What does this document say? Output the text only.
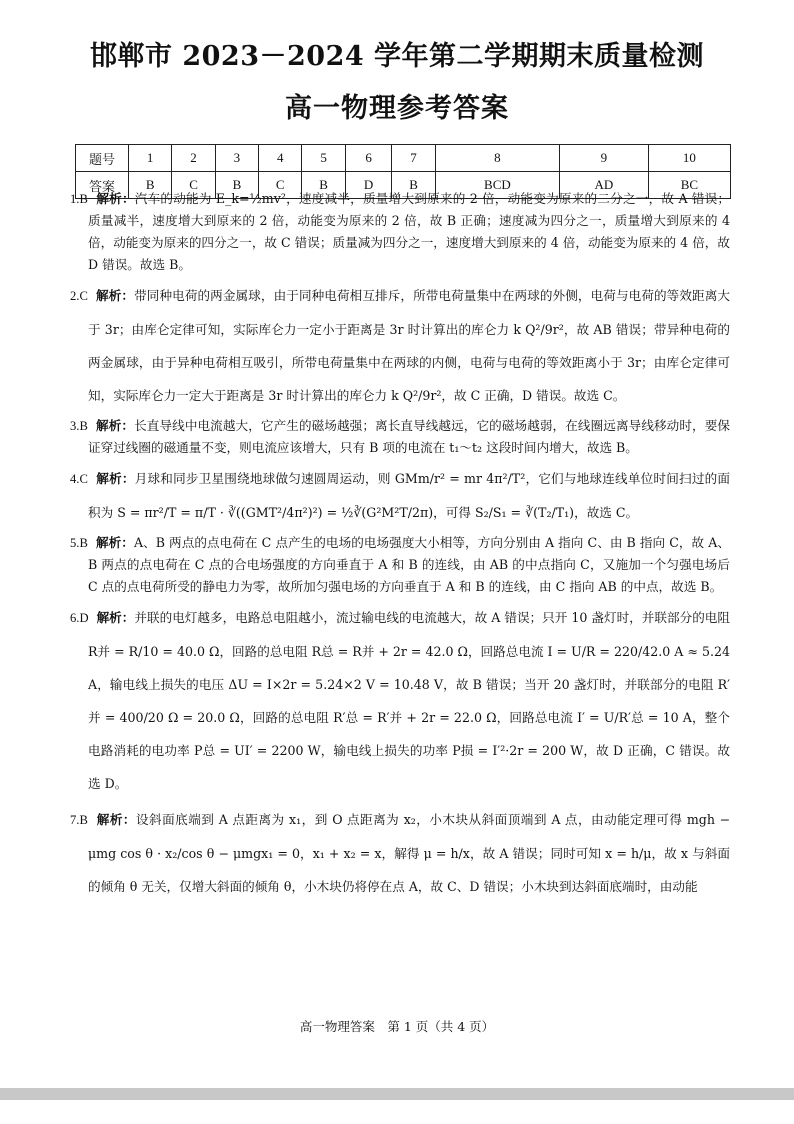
邯郸市 2023－2024 学年第二学期期末质量检测
高一物理参考答案
题号	1	2	3	4	5	6	7	8	9	10
答案	B	C	B	C	B	D	B	BCD	AD	BC

1.B 解析：汽车的动能为 E_k=½mv²，速度减半，质量增大到原来的 2 倍，动能变为原来的二分之一，故 A 错误；质量减半，速度增大到原来的 2 倍，动能变为原来的 2 倍，故 B 正确；速度减为四分之一，质量增大到原来的 4 倍，动能变为原来的四分之一，故 C 错误；质量减为四分之一，速度增大到原来的 4 倍，动能变为原来的 4 倍，故 D 错误。故选 B。

2.C 解析：带同种电荷的两金属球，由于同种电荷相互排斥，所带电荷量集中在两球的外侧，电荷与电荷的等效距离大于 3r；由库仑定律可知，实际库仑力一定小于距离是 3r 时计算出的库仑力 k Q²/9r²，故 AB 错误；带异种电荷的两金属球，由于异种电荷相互吸引，所带电荷量集中在两球的内侧，电荷与电荷的等效距离小于 3r；由库仑定律可知，实际库仑力一定大于距离是 3r 时计算出的库仑力 k Q²/9r²，故 C 正确，D 错误。故选 C。

3.B 解析：长直导线中电流越大，它产生的磁场越强；离长直导线越远，它的磁场越弱，在线圈远离导线移动时，要保证穿过线圈的磁通量不变，则电流应该增大，只有 B 项的电流在 t₁～t₂ 这段时间内增大，故选 B。

4.C 解析：月球和同步卫星围绕地球做匀速圆周运动，则 GMm/r² = mr 4π²/T²，它们与地球连线单位时间扫过的面积为 S = πr²/T = π/T · ∛((GMT²/4π²)²) = ½∛(G²M²T/2π)，可得 S₂/S₁ = ∛(T₂/T₁)，故选 C。

5.B 解析：A、B 两点的点电荷在 C 点产生的电场的电场强度大小相等，方向分别由 A 指向 C、由 B 指向 C，故 A、B 两点的点电荷在 C 点的合电场强度的方向垂直于 A 和 B 的连线，由 AB 的中点指向 C，又施加一个匀强电场后 C 点的点电荷所受的静电力为零，故所加匀强电场的方向垂直于 A 和 B 的连线，由 C 指向 AB 的中点，故选 B。

6.D 解析：并联的电灯越多，电路总电阻越小，流过输电线的电流越大，故 A 错误；只开 10 盏灯时，并联部分的电阻 R并 = R/10 = 40.0 Ω，回路的总电阻 R总 = R并 + 2r = 42.0 Ω，回路总电流 I = U/R = 220/42.0 A ≈ 5.24 A，输电线上损失的电压 ΔU = I×2r = 5.24×2 V = 10.48 V，故 B 错误；当开 20 盏灯时，并联部分的电阻 R′并 = 400/20 Ω = 20.0 Ω，回路的总电阻 R′总 = R′并 + 2r = 22.0 Ω，回路总电流 I′ = U/R′总 = 10 A，整个电路消耗的电功率 P总 = UI′ = 2200 W，输电线上损失的功率 P损 = I′²·2r = 200 W，故 D 正确，C 错误。故选 D。

7.B 解析：设斜面底端到 A 点距离为 x₁，到 O 点距离为 x₂，小木块从斜面顶端到 A 点，由动能定理可得 mgh − μmg cos θ · x₂/cos θ − μmgx₁ = 0，x₁ + x₂ = x，解得 μ = h/x，故 A 错误；同时可知 x = h/μ，故 x 与斜面的倾角 θ 无关，仅增大斜面的倾角 θ，小木块仍将停在点 A，故 C、D 错误；小木块到达斜面底端时，由动能

高一物理答案　第 1 页（共 4 页）
